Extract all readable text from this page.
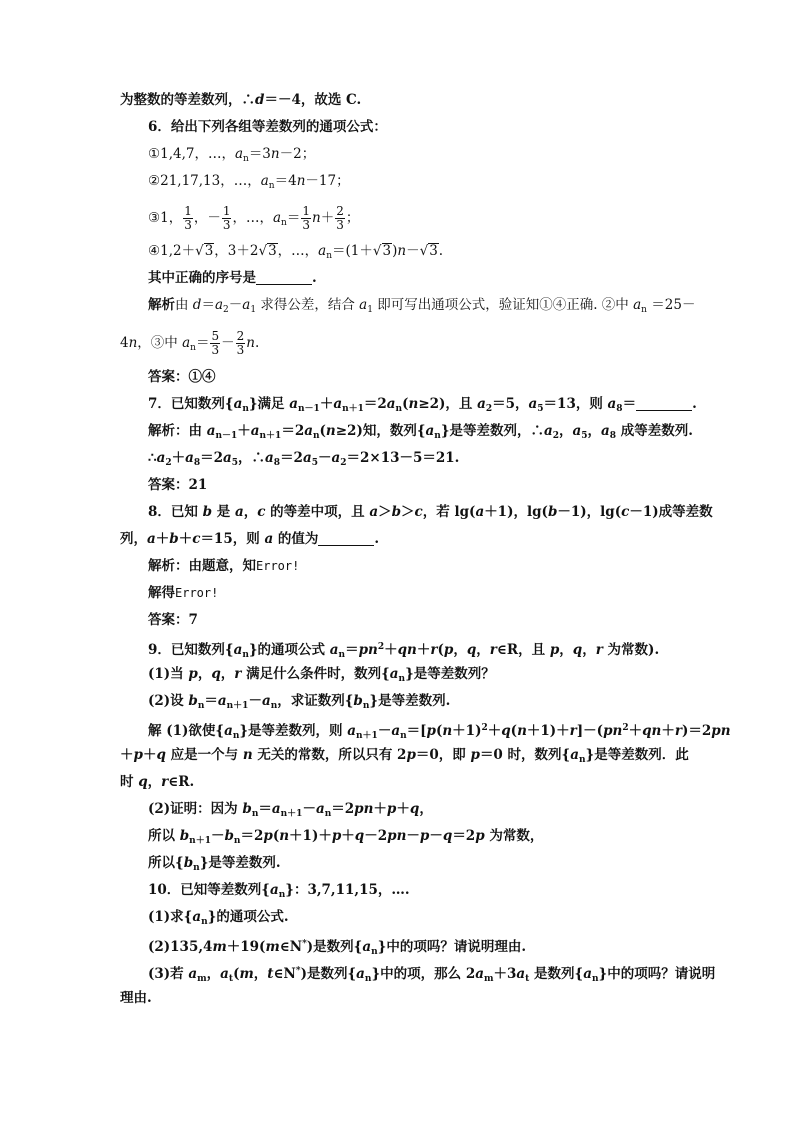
为整数的等差数列，∴d＝－4，故选 C.
6．给出下列各组等差数列的通项公式：
①1,4,7，…，$a_n=3n-2$；
②21,17,13，…，$a_n=4n-17$；
③1， $\frac{1}{3}$ ，－ $\frac{1}{3}$ ，…，$a_n= \frac{1}{3} n+ \frac{2}{3}$ ；
④1,2＋√3，3＋2√3，…，$a_n=(1+√3)n-√3$.
其中正确的序号是	.
解析由 $d=a_2-a_1$ 求得公差，结合 $a_1$ 即可写出通项公式，验证知①④正确. ②中 $a_n =25-$
4n，③中 $a_n= \frac{5}{3} - \frac{2}{3} n$.
答案：①④
7．已知数列$\{a_n\}$满足 $a_{n-1}+a_{n+1}=2a_n(n\ge 2)$，且 $a_2=5$，$a_5=13$，则 $a_8=$	.
解析：由 $a_{n-1}+a_{n+1}=2a_n(n\ge 2)$知，数列$\{a_n\}$是等差数列，$\therefore a_2$，$a_5$，$a_8$ 成等差数列.
$\therefore a_2+a_8=2a_5$，$\therefore a_8=2a_5-a_2=2\times 13-5=21$.
答案：21
8．已知 b 是 a，c 的等差中项，且 a＞b＞c，若 lg(a＋1)，lg(b－1)，lg(c－1)成等差数
列，a＋b＋c＝15，则 a 的值为	.
解析：由题意，知Error!
解得Error!
答案：7
9．已知数列$\{a_n\}$的通项公式 $a_n=pn^2+qn+r(p$，q，r∈R，且 p，q，r 为常数).
(1)当 p，q，r 满足什么条件时，数列$\{a_n\}$是等差数列？
(2)设 $b_n=a_{n+1}-a_n$，求证数列$\{b_n\}$是等差数列.
解 (1)欲使$\{a_n\}$是等差数列，则 $a_{n+1}-a_n=[p(n+1)^2+q(n+1)+r]-(pn^2+qn+r)=2pn$
＋p＋q 应是一个与 n 无关的常数，所以只有 2p＝0，即 p＝0 时，数列$\{a_n\}$是等差数列．此
时 q，r∈R.
(2)证明：因为 $b_n=a_{n+1}-a_n=2pn+p+q$，
所以 $b_{n+1}-b_n=2p(n+1)+p+q-2pn-p-q=2p$ 为常数，
所以$\{b_n\}$是等差数列.
10．已知等差数列$\{a_n\}$：3,7,11,15，….
(1)求$\{a_n\}$的通项公式.
(2)135,4m＋19(m∈N*)是数列$\{a_n\}$中的项吗？请说明理由.
(3)若 $a_m$，$a_t(m$，t∈N*)是数列$\{a_n\}$中的项，那么 $2a_m+3a_t$ 是数列$\{a_n\}$中的项吗？请说明
理由.
